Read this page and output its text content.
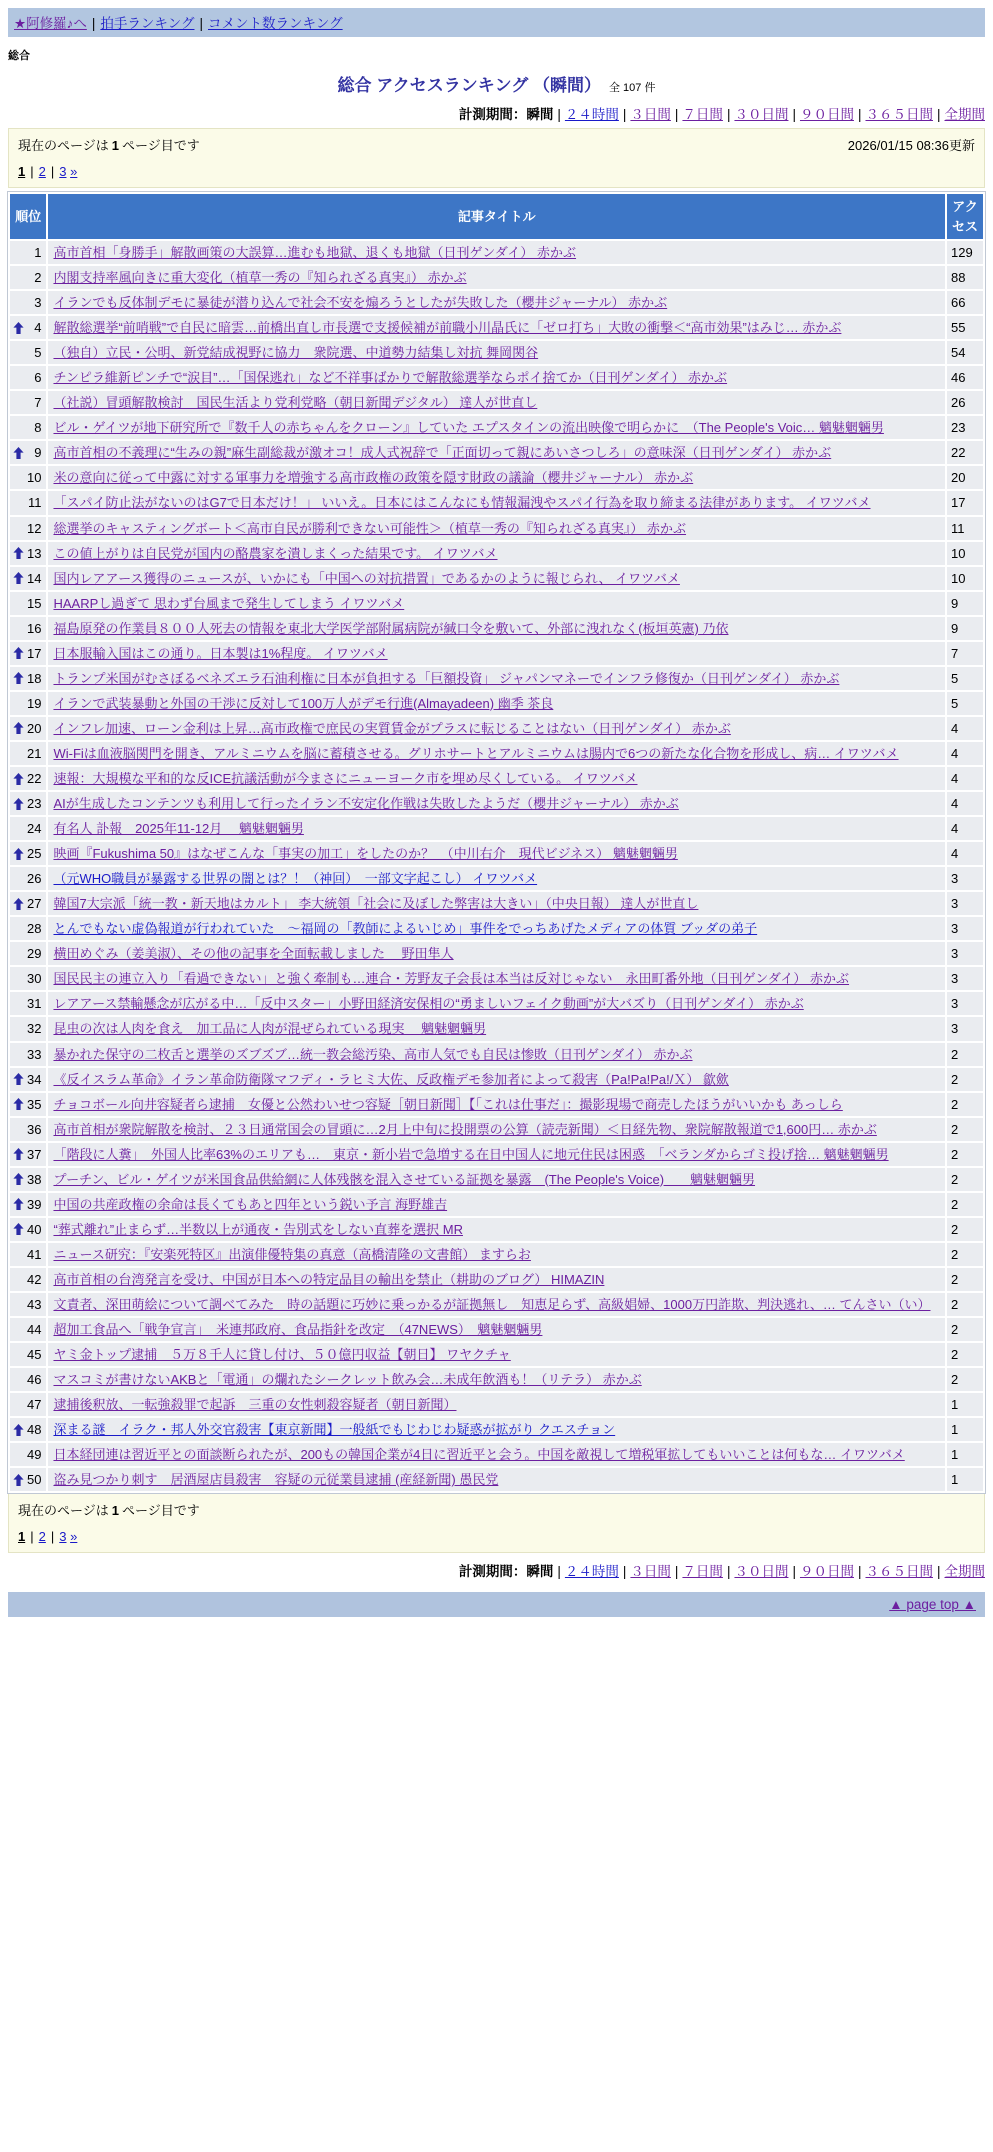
★阿修羅♪へ | 拍手ランキング | コメント数ランキング
総合
総合 アクセスランキング （瞬間） 全 107 件
計測期間：瞬間 | ２４時間 | ３日間 | ７日間 | ３０日間 | ９０日間 | ３６５日間 | 全期間
現在のページは 1 ページ目です	2026/01/15 08:36更新
1 | 2 | 3 »
順位	記事タイトル	アクセス
1	高市首相「身勝手」解散画策の大誤算…進むも地獄、退くも地獄（日刊ゲンダイ） 赤かぶ	129
2	内閣支持率風向きに重大変化（植草一秀の『知られざる真実』） 赤かぶ	88
3	イランでも反体制デモに暴徒が潜り込んで社会不安を煽ろうとしたが失敗した（櫻井ジャーナル） 赤かぶ	66

4	解散総選挙“前哨戦”で自民に暗雲…前橋出直し市長選で支援候補が前職小川晶氏に「ゼロ打ち」大敗の衝撃＜“高市効果”はみじ… 赤かぶ	55
5	（独自）立民・公明、新党結成視野に協力　衆院選、中道勢力結集し対抗 舞岡関谷	54
6	チンピラ維新ピンチで“涙目”…「国保逃れ」など不祥事ばかりで解散総選挙ならポイ捨てか（日刊ゲンダイ） 赤かぶ	46
7	（社説）冒頭解散検討　国民生活より党利党略（朝日新聞デジタル） 達人が世直し	26
8	ビル・ゲイツが地下研究所で『数千人の赤ちゃんをクローン』していた エプスタインの流出映像で明らかに　（The People's Voic… 魑魅魍魎男	23

9	高市首相の不義理に“生みの親”麻生副総裁が激オコ！成人式祝辞で「正面切って親にあいさつしろ」の意味深（日刊ゲンダイ） 赤かぶ	22
10	米の意向に従って中露に対する軍事力を増強する高市政権の政策を隠す財政の議論（櫻井ジャーナル） 赤かぶ	20
11	「スパイ防止法がないのはG7で日本だけ！」 いいえ。日本にはこんなにも情報漏洩やスパイ行為を取り締まる法律があります。 イワツバメ	17
12	総選挙のキャスティングボート＜高市自民が勝利できない可能性＞（植草一秀の『知られざる真実』） 赤かぶ	11

13	この値上がりは自民党が国内の酪農家を潰しまくった結果です。 イワツバメ	10

14	国内レアアース獲得のニュースが、いかにも「中国への対抗措置」であるかのように報じられ、 イワツバメ	10
15	HAARPし過ぎて 思わず台風まで発生してしまう イワツバメ	9
16	福島原発の作業員８００人死去の情報を東北大学医学部附属病院が緘口令を敷いて、外部に洩れなく(板垣英憲) 乃依	9

17	日本服輸入国はこの通り。日本製は1%程度。 イワツバメ	7

18	トランプ米国がむさぼるベネズエラ石油利権に日本が負担する「巨額投資」 ジャパンマネーでインフラ修復か（日刊ゲンダイ） 赤かぶ	5
19	イランで武装暴動と外国の干渉に反対して100万人がデモ行進(Almayadeen) 幽季 茶良	5

20	インフレ加速、ローン金利は上昇…高市政権で庶民の実質賃金がプラスに転じることはない（日刊ゲンダイ） 赤かぶ	4
21	Wi-Fiは血液脳関門を開き、アルミニウムを脳に蓄積させる。グリホサートとアルミニウムは腸内で6つの新たな化合物を形成し、病… イワツバメ	4

22	速報：大規模な平和的な反ICE抗議活動が今まさにニューヨーク市を埋め尽くしている。 イワツバメ	4

23	AIが生成したコンテンツも利用して行ったイラン不安定化作戦は失敗したようだ（櫻井ジャーナル） 赤かぶ	4
24	有名人 訃報　2025年11-12月　 魑魅魍魎男	4

25	映画『Fukushima 50』はなぜこんな「事実の加工」をしたのか？　（中川右介　現代ビジネス） 魑魅魍魎男	4
26	（元WHO職員が暴露する世界の闇とは？！（神回）　一部文字起こし） イワツバメ	3

27	韓国7大宗派「統一教・新天地はカルト」 李大統領「社会に及ぼした弊害は大きい」（中央日報） 達人が世直し	3
28	とんでもない虚偽報道が行われていた　～福岡の「教師によるいじめ」事件をでっちあげたメディアの体質 ブッダの弟子	3
29	横田めぐみ（姜美淑）、その他の記事を全面転載しました　 野田隼人	3
30	国民民主の連立入り「看過できない」と強く牽制も…連合・芳野友子会長は本当は反対じゃない　永田町番外地（日刊ゲンダイ） 赤かぶ	3
31	レアアース禁輸懸念が広がる中…「反中スター」小野田経済安保相の“勇ましいフェイク動画”が大バズり（日刊ゲンダイ） 赤かぶ	3
32	昆虫の次は人肉を食え　加工品に人肉が混ぜられている現実　 魑魅魍魎男	3
33	暴かれた保守の二枚舌と選挙のズブズブ…統一教会総汚染、高市人気でも自民は惨敗（日刊ゲンダイ） 赤かぶ	2

34	《反イスラム革命》イラン革命防衛隊マフディ・ラヒミ大佐、反政権デモ参加者によって殺害（Pa!Pa!Pa!/Ｘ） 歙歛	2

35	チョコボール向井容疑者ら逮捕　女優と公然わいせつ容疑［朝日新聞］【「これは仕事だ」：撮影現場で商売したほうがいいかも あっしら	2
36	高市首相が衆院解散を検討、２３日通常国会の冒頭に…2月上中旬に投開票の公算（読売新聞）＜日経先物、衆院解散報道で1,600円… 赤かぶ	2

37	「階段に人糞」　外国人比率63%のエリアも…　東京・新小岩で急増する在日中国人に地元住民は困惑　「ベランダからゴミ投げ捨… 魑魅魍魎男	2

38	プーチン、ビル・ゲイツが米国食品供給網に人体残骸を混入させている証拠を暴露　(The People's Voice)　　魑魅魍魎男	2

39	中国の共産政権の余命は長くてもあと四年という鋭い予言 海野雄吉	2

40	“葬式離れ”止まらず…半数以上が通夜・告別式をしない直葬を選択 MR	2
41	ニュース研究：『安楽死特区』出演俳優特集の真意（高橋清隆の文書館） ますらお	2
42	高市首相の台湾発言を受け、中国が日本への特定品目の輸出を禁止（耕助のブログ） HIMAZIN	2
43	文責者、深田萌絵について調べてみた　時の話題に巧妙に乗っかるが証拠無し　知恵足らず、高級娼婦、1000万円詐欺、判決逃れ、… てんさい（い）	2
44	超加工食品へ「戦争宣言」　米連邦政府、食品指針を改定　（47NEWS）　魑魅魍魎男	2
45	ヤミ金トップ逮捕　５万８千人に貸し付け、５０億円収益【朝日】 ワヤクチャ	2
46	マスコミが書けないAKBと「電通」の爛れたシークレット飲み会…未成年飲酒も！（リテラ） 赤かぶ	2
47	逮捕後釈放、一転強殺罪で起訴　三重の女性刺殺容疑者（朝日新聞）	1

48	深まる謎　イラク・邦人外交官殺害【東京新聞】一般紙でもじわじわ疑惑が拡がり クエスチョン	1
49	日本経団連は習近平との面談断られたが、200もの韓国企業が4日に習近平と会う。中国を敵視して増税軍拡してもいいことは何もな… イワツバメ	1

50	盗み見つかり刺す　居酒屋店員殺害　容疑の元従業員逮捕 (産経新聞) 愚民党	1
現在のページは 1 ページ目です
1 | 2 | 3 »
計測期間：瞬間 | ２４時間 | ３日間 | ７日間 | ３０日間 | ９０日間 | ３６５日間 | 全期間
▲ page top ▲
